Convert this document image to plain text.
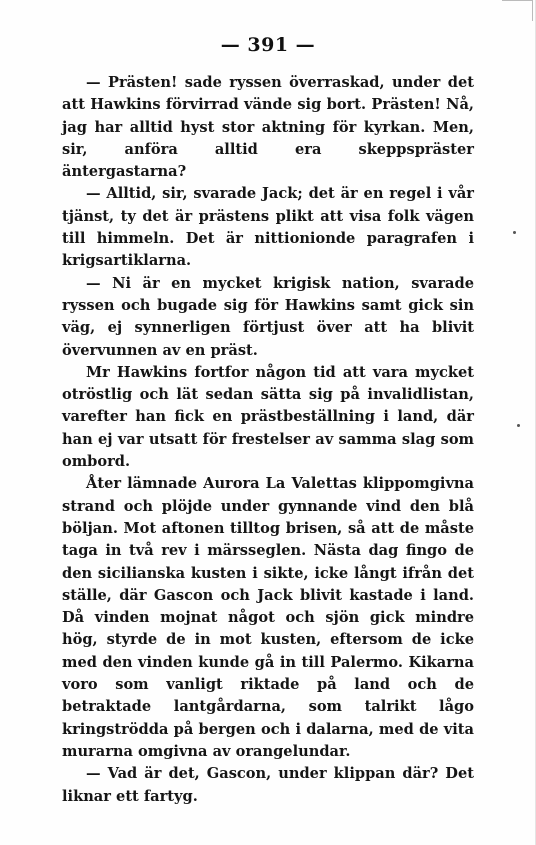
— 391 —

— Prästen! sade ryssen överraskad, under det att Hawkins förvirrad vände sig bort. Prästen! Nå, jag har alltid hyst stor aktning för kyrkan. Men, sir, anföra alltid era skeppspräster äntergastarna?

— Alltid, sir, svarade Jack; det är en regel i vår tjänst, ty det är prästens plikt att visa folk vägen till himmeln. Det är nittionionde paragrafen i krigsartiklarna.

— Ni är en mycket krigisk nation, svarade ryssen och bugade sig för Hawkins samt gick sin väg, ej synnerligen förtjust över att ha blivit övervunnen av en präst.

Mr Hawkins fortfor någon tid att vara mycket otröstlig och lät sedan sätta sig på invalidlistan, varefter han fick en prästbeställning i land, där han ej var utsatt för frestelser av samma slag som ombord.

Åter lämnade Aurora La Valettas klippomgivna strand och plöjde under gynnande vind den blå böljan. Mot aftonen tilltog brisen, så att de måste taga in två rev i märsseglen. Nästa dag fingo de den sicilianska kusten i sikte, icke långt ifrån det ställe, där Gascon och Jack blivit kastade i land. Då vinden mojnat något och sjön gick mindre hög, styrde de in mot kusten, eftersom de icke med den vinden kunde gå in till Palermo. Kikarna voro som vanligt riktade på land och de betraktade lantgårdarna, som talrikt lågo kringströdda på bergen och i dalarna, med de vita murarna omgivna av orangelundar.

— Vad är det, Gascon, under klippan där? Det liknar ett fartyg.
